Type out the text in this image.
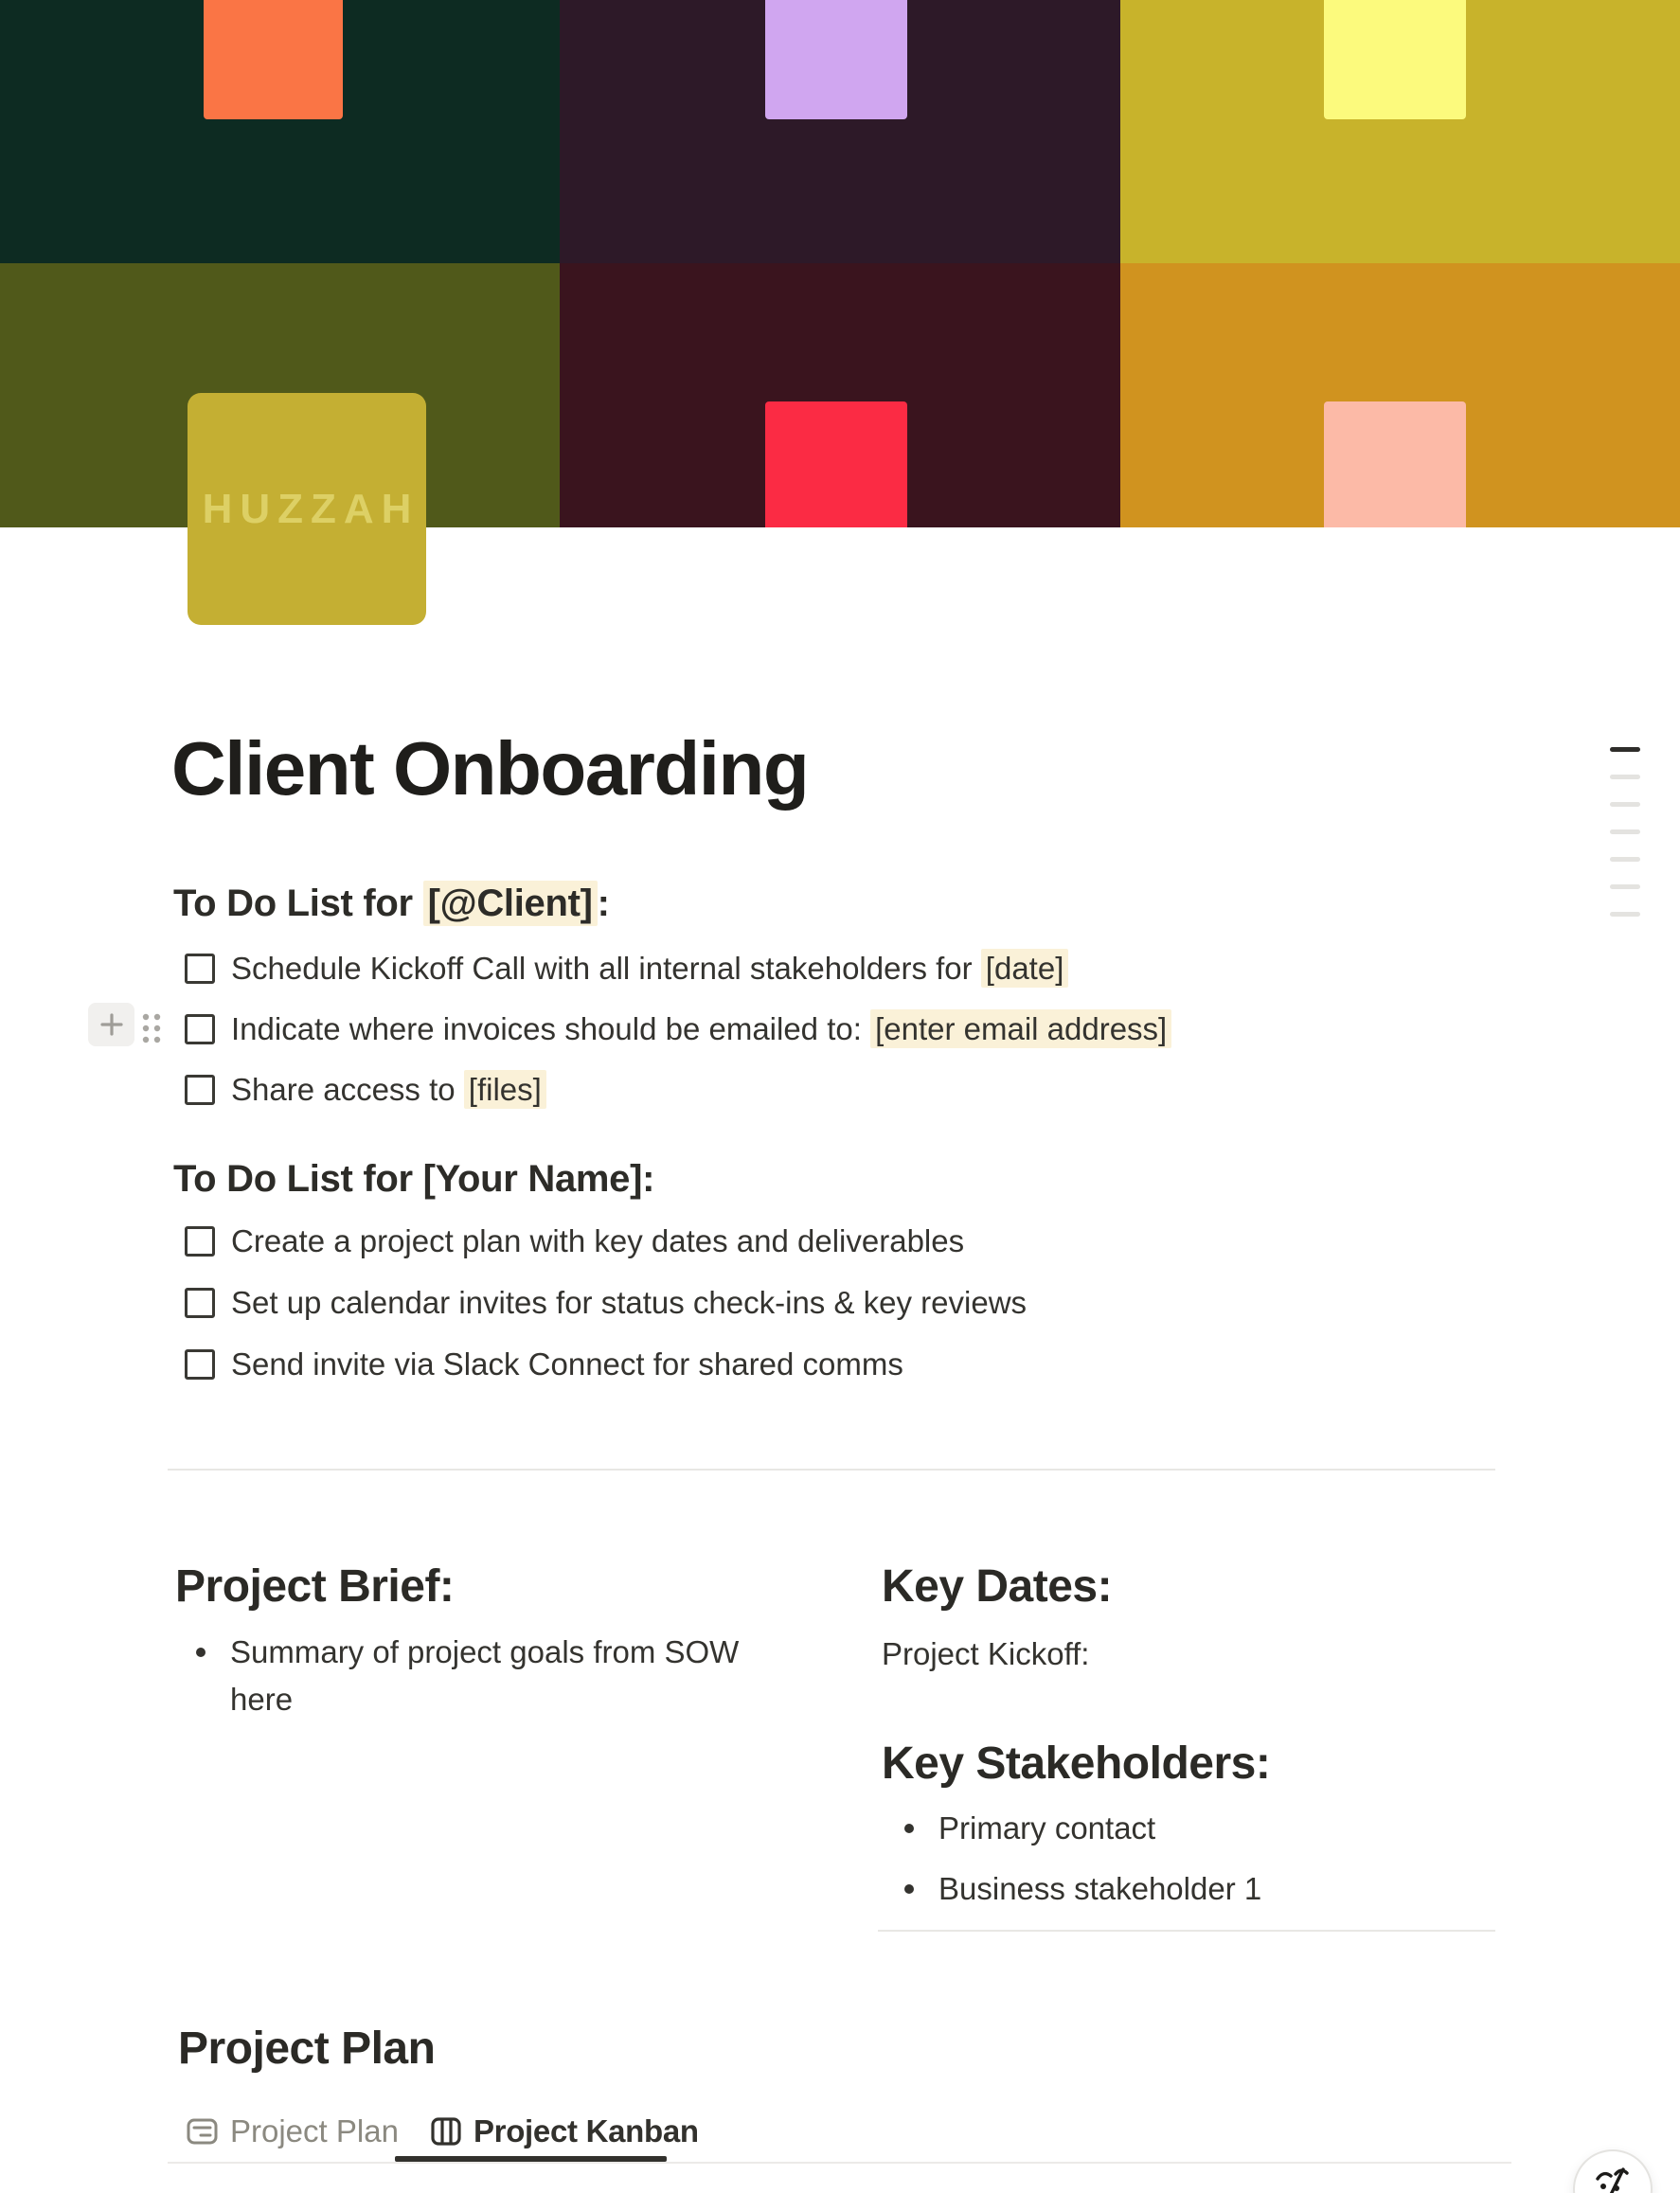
HUZZAH
Client Onboarding
To Do List for [@Client] :
Schedule Kickoff Call with all internal stakeholders for [date]
Indicate where invoices should be emailed to: [enter email address]
Share access to [files]
To Do List for [Your Name]:
Create a project plan with key dates and deliverables
Set up calendar invites for status check-ins & key reviews
Send invite via Slack Connect for shared comms
Project Brief:
Summary of project goals from SOW here
Key Dates:
Project Kickoff:
Key Stakeholders:
Primary contact
Business stakeholder 1
Project Plan
Project Plan Project Kanban
